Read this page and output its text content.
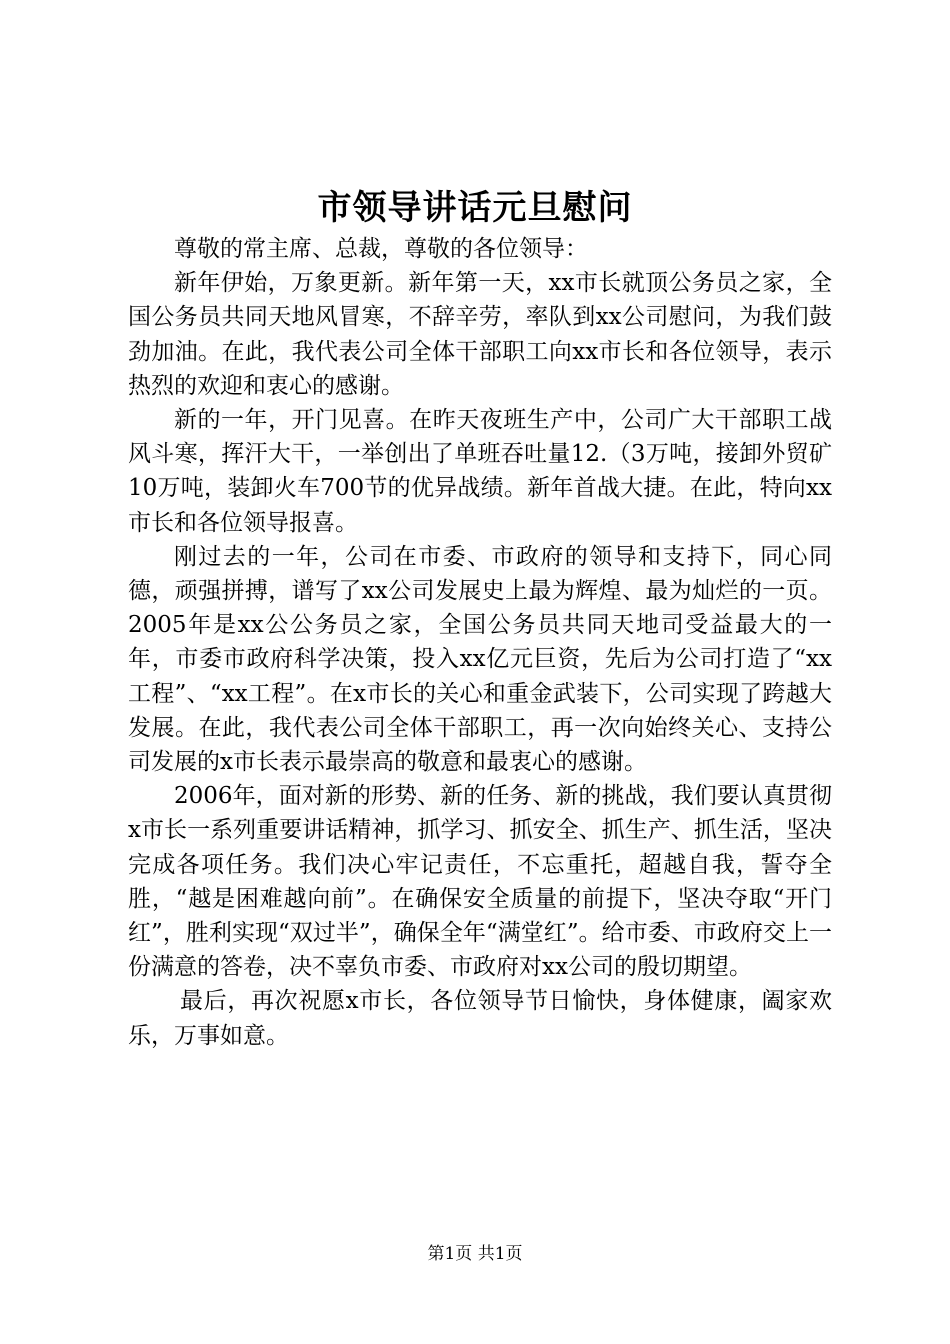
市领导讲话元旦慰问

尊敬的常主席、总裁，尊敬的各位领导：

新年伊始，万象更新。新年第一天，xx市长就顶公务员之家，全国公务员共同天地风冒寒，不辞辛劳，率队到xx公司慰问，为我们鼓劲加油。在此，我代表公司全体干部职工向xx市长和各位领导，表示热烈的欢迎和衷心的感谢。

新的一年，开门见喜。在昨天夜班生产中，公司广大干部职工战风斗寒，挥汗大干，一举创出了单班吞吐量12.（3万吨，接卸外贸矿10万吨，装卸火车700节的优异战绩。新年首战大捷。在此，特向xx市长和各位领导报喜。

刚过去的一年，公司在市委、市政府的领导和支持下，同心同德，顽强拼搏，谱写了xx公司发展史上最为辉煌、最为灿烂的一页。2005年是xx公公务员之家，全国公务员共同天地司受益最大的一年，市委市政府科学决策，投入xx亿元巨资，先后为公司打造了“xx工程”、“xx工程”。在x市长的关心和重金武装下，公司实现了跨越大发展。在此，我代表公司全体干部职工，再一次向始终关心、支持公司发展的x市长表示最崇高的敬意和最衷心的感谢。

2006年，面对新的形势、新的任务、新的挑战，我们要认真贯彻x市长一系列重要讲话精神，抓学习、抓安全、抓生产、抓生活，坚决完成各项任务。我们决心牢记责任，不忘重托，超越自我，誓夺全胜，“越是困难越向前”。在确保安全质量的前提下，坚决夺取“开门红”，胜利实现“双过半”，确保全年“满堂红”。给市委、市政府交上一份满意的答卷，决不辜负市委、市政府对xx公司的殷切期望。

最后，再次祝愿x市长，各位领导节日愉快，身体健康，阖家欢乐，万事如意。

第1页 共1页
